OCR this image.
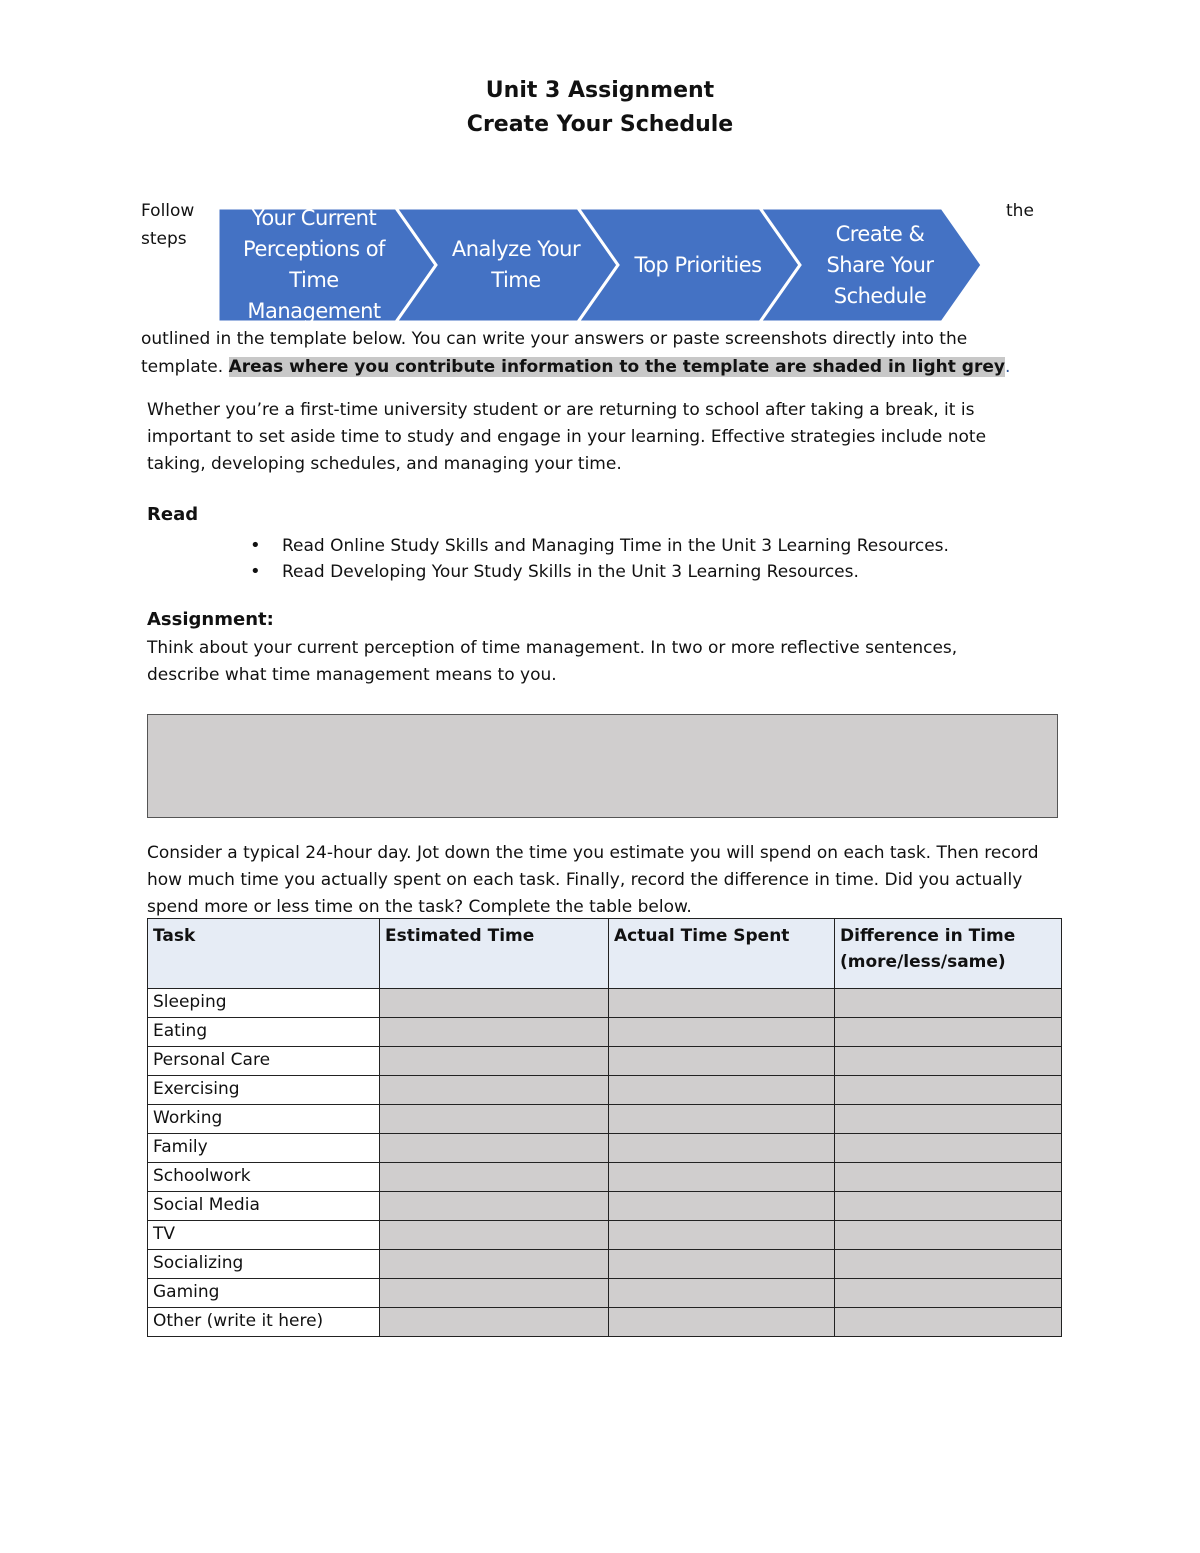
Unit 3 Assignment
Create Your Schedule
Follow
steps
the
Your Current
Perceptions of Time
Management
Analyze Your
Time
Top Priorities
Create &
Share Your
Schedule
outlined in the template below. You can write your answers or paste screenshots directly into the
template. Areas where you contribute information to the template are shaded in light grey.
Whether you’re a first-time university student or are returning to school after taking a break, it is important to set aside time to study and engage in your learning. Effective strategies include note taking, developing schedules, and managing your time.
Read
• Read Online Study Skills and Managing Time in the Unit 3 Learning Resources.
• Read Developing Your Study Skills in the Unit 3 Learning Resources.
Assignment:
Think about your current perception of time management. In two or more reflective sentences, describe what time management means to you.
Consider a typical 24-hour day. Jot down the time you estimate you will spend on each task. Then record how much time you actually spent on each task. Finally, record the difference in time. Did you actually spend more or less time on the task? Complete the table below.
Task	Estimated Time	Actual Time Spent	Difference in Time
(more/less/same)
Sleeping			
Eating			
Personal Care			
Exercising			
Working			
Family			
Schoolwork			
Social Media			
TV			
Socializing			
Gaming			
Other (write it here)			
